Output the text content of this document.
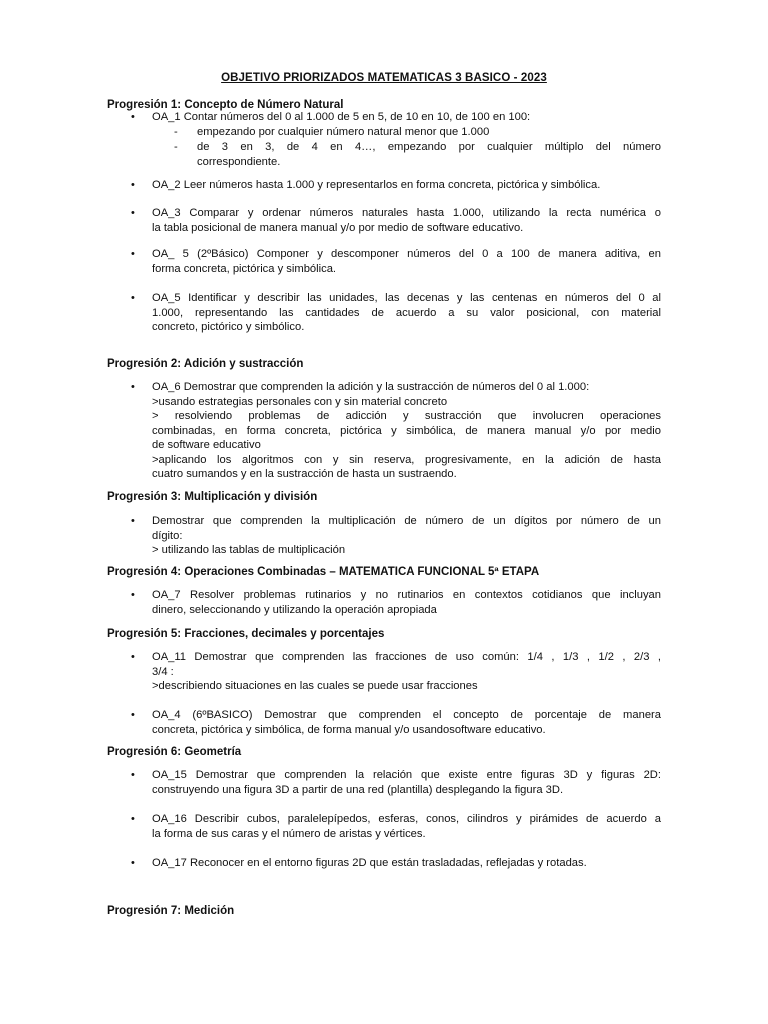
OBJETIVO PRIORIZADOS MATEMATICAS 3 BASICO - 2023
Progresión 1: Concepto de Número Natural
• OA_1 Contar números del 0 al 1.000 de 5 en 5, de 10 en 10, de 100 en 100:
- empezando por cualquier número natural menor que 1.000
- de 3 en 3, de 4 en 4…, empezando por cualquier múltiplo del número
correspondiente.
• OA_2 Leer números hasta 1.000 y representarlos en forma concreta, pictórica y simbólica.
• OA_3 Comparar y ordenar números naturales hasta 1.000, utilizando la recta numérica o
la tabla posicional de manera manual y/o por medio de software educativo.
• OA_ 5 (2ºBásico) Componer y descomponer números del 0 a 100 de manera aditiva, en
forma concreta, pictórica y simbólica.
• OA_5 Identificar y describir las unidades, las decenas y las centenas en números del 0 al
1.000, representando las cantidades de acuerdo a su valor posicional, con material
concreto, pictórico y simbólico.
Progresión 2: Adición y sustracción
• OA_6 Demostrar que comprenden la adición y la sustracción de números del 0 al 1.000:
>usando estrategias personales con y sin material concreto
> resolviendo problemas de adicción y sustracción que involucren operaciones
combinadas, en forma concreta, pictórica y simbólica, de manera manual y/o por medio
de software educativo
>aplicando los algoritmos con y sin reserva, progresivamente, en la adición de hasta
cuatro sumandos y en la sustracción de hasta un sustraendo.
Progresión 3: Multiplicación y división
• Demostrar que comprenden la multiplicación de número de un dígitos por número de un
dígito:
> utilizando las tablas de multiplicación
Progresión 4: Operaciones Combinadas – MATEMATICA FUNCIONAL 5ª ETAPA
• OA_7 Resolver problemas rutinarios y no rutinarios en contextos cotidianos que incluyan
dinero, seleccionando y utilizando la operación apropiada
Progresión 5: Fracciones, decimales y porcentajes
• OA_11 Demostrar que comprenden las fracciones de uso común: 1/4 , 1/3 , 1/2 , 2/3 ,
3/4 :
>describiendo situaciones en las cuales se puede usar fracciones
• OA_4 (6ºBASICO) Demostrar que comprenden el concepto de porcentaje de manera
concreta, pictórica y simbólica, de forma manual y/o usandosoftware educativo.
Progresión 6: Geometría
• OA_15 Demostrar que comprenden la relación que existe entre figuras 3D y figuras 2D:
construyendo una figura 3D a partir de una red (plantilla) desplegando la figura 3D.
• OA_16 Describir cubos, paralelepípedos, esferas, conos, cilindros y pirámides de acuerdo a
la forma de sus caras y el número de aristas y vértices.
• OA_17 Reconocer en el entorno figuras 2D que están trasladadas, reflejadas y rotadas.
Progresión 7: Medición
